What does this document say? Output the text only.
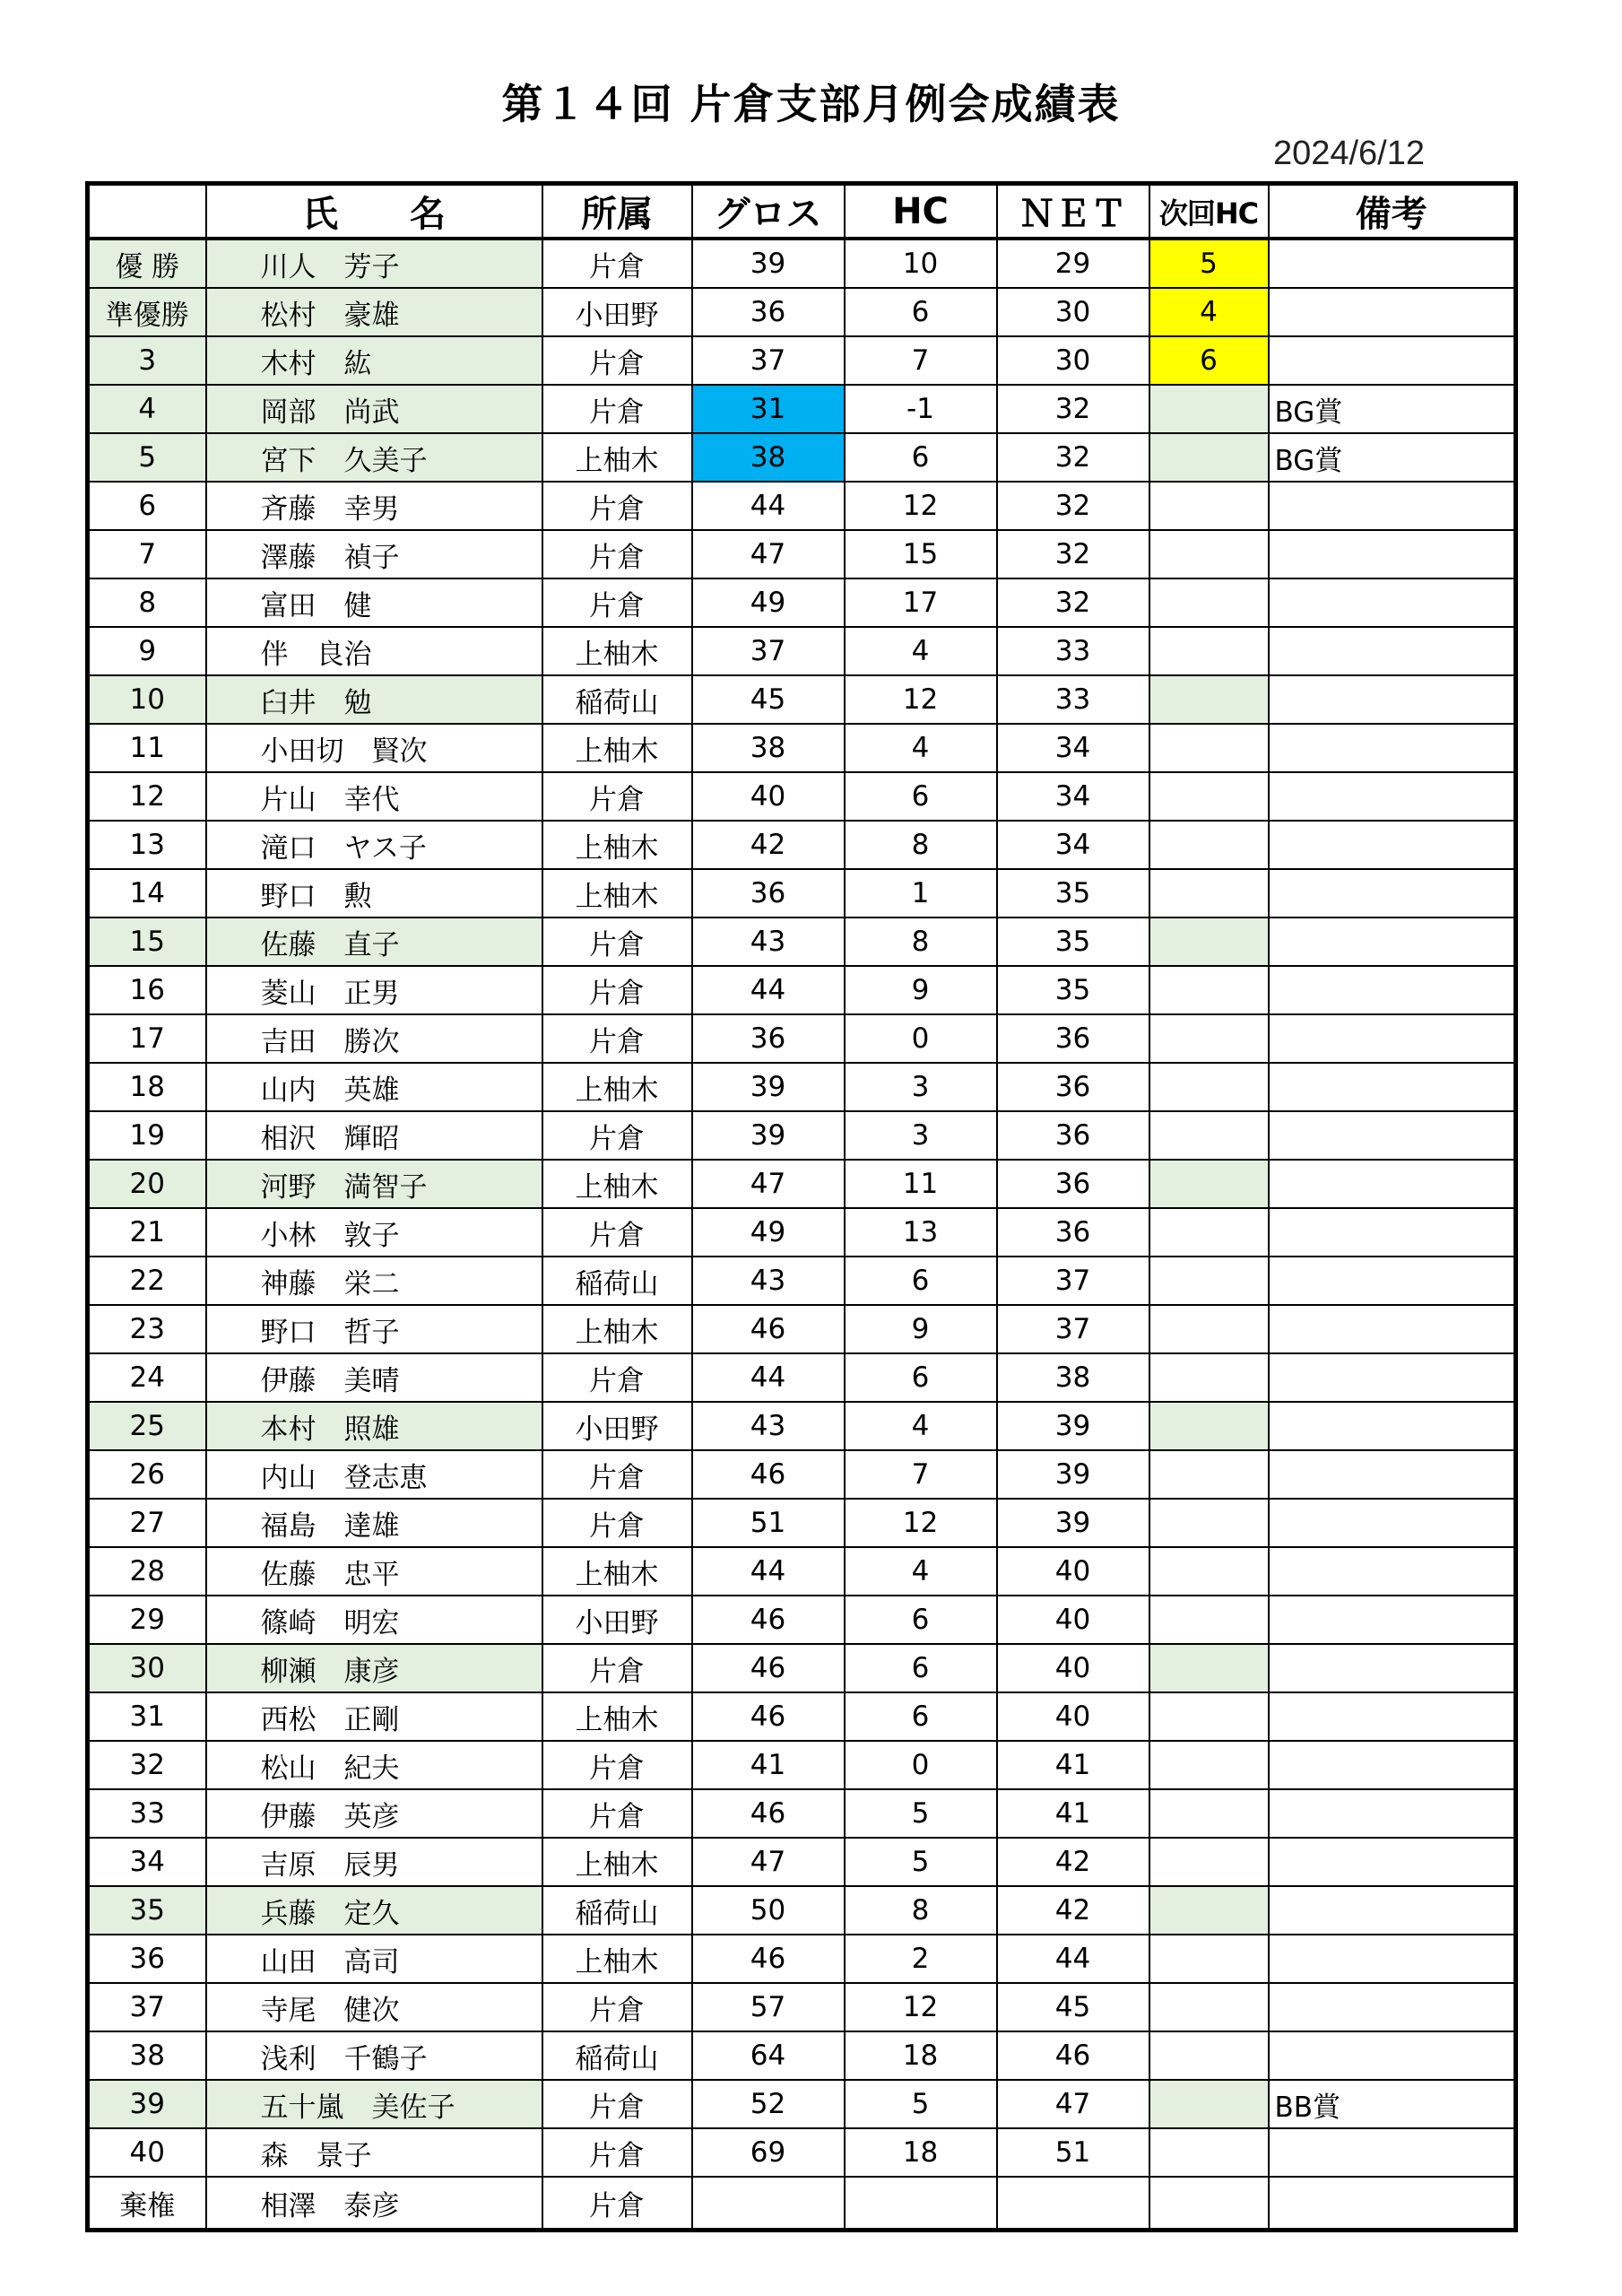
第１４回 片倉支部月例会成績表
2024/6/12
	氏　　名	所属	グロス	HC	ＮＥＴ	次回HC	備考
優 勝	川人　芳子	片倉	39	10	29	5	
準優勝	松村　豪雄	小田野	36	6	30	4	
3	木村　紘	片倉	37	7	30	6	
4	岡部　尚武	片倉	31	-1	32		BG賞
5	宮下　久美子	上柚木	38	6	32		BG賞
6	斉藤　幸男	片倉	44	12	32		
7	澤藤　禎子	片倉	47	15	32		
8	富田　健	片倉	49	17	32		
9	伴　良治	上柚木	37	4	33		
10	臼井　勉	稲荷山	45	12	33		
11	小田切　賢次	上柚木	38	4	34		
12	片山　幸代	片倉	40	6	34		
13	滝口　ヤス子	上柚木	42	8	34		
14	野口　勲	上柚木	36	1	35		
15	佐藤　直子	片倉	43	8	35		
16	菱山　正男	片倉	44	9	35		
17	吉田　勝次	片倉	36	0	36		
18	山内　英雄	上柚木	39	3	36		
19	相沢　輝昭	片倉	39	3	36		
20	河野　満智子	上柚木	47	11	36		
21	小林　敦子	片倉	49	13	36		
22	神藤　栄二	稲荷山	43	6	37		
23	野口　哲子	上柚木	46	9	37		
24	伊藤　美晴	片倉	44	6	38		
25	本村　照雄	小田野	43	4	39		
26	内山　登志恵	片倉	46	7	39		
27	福島　達雄	片倉	51	12	39		
28	佐藤　忠平	上柚木	44	4	40		
29	篠崎　明宏	小田野	46	6	40		
30	柳瀬　康彦	片倉	46	6	40		
31	西松　正剛	上柚木	46	6	40		
32	松山　紀夫	片倉	41	0	41		
33	伊藤　英彦	片倉	46	5	41		
34	吉原　辰男	上柚木	47	5	42		
35	兵藤　定久	稲荷山	50	8	42		
36	山田　高司	上柚木	46	2	44		
37	寺尾　健次	片倉	57	12	45		
38	浅利　千鶴子	稲荷山	64	18	46		
39	五十嵐　美佐子	片倉	52	5	47		BB賞
40	森　景子	片倉	69	18	51		
棄権	相澤　泰彦	片倉					
